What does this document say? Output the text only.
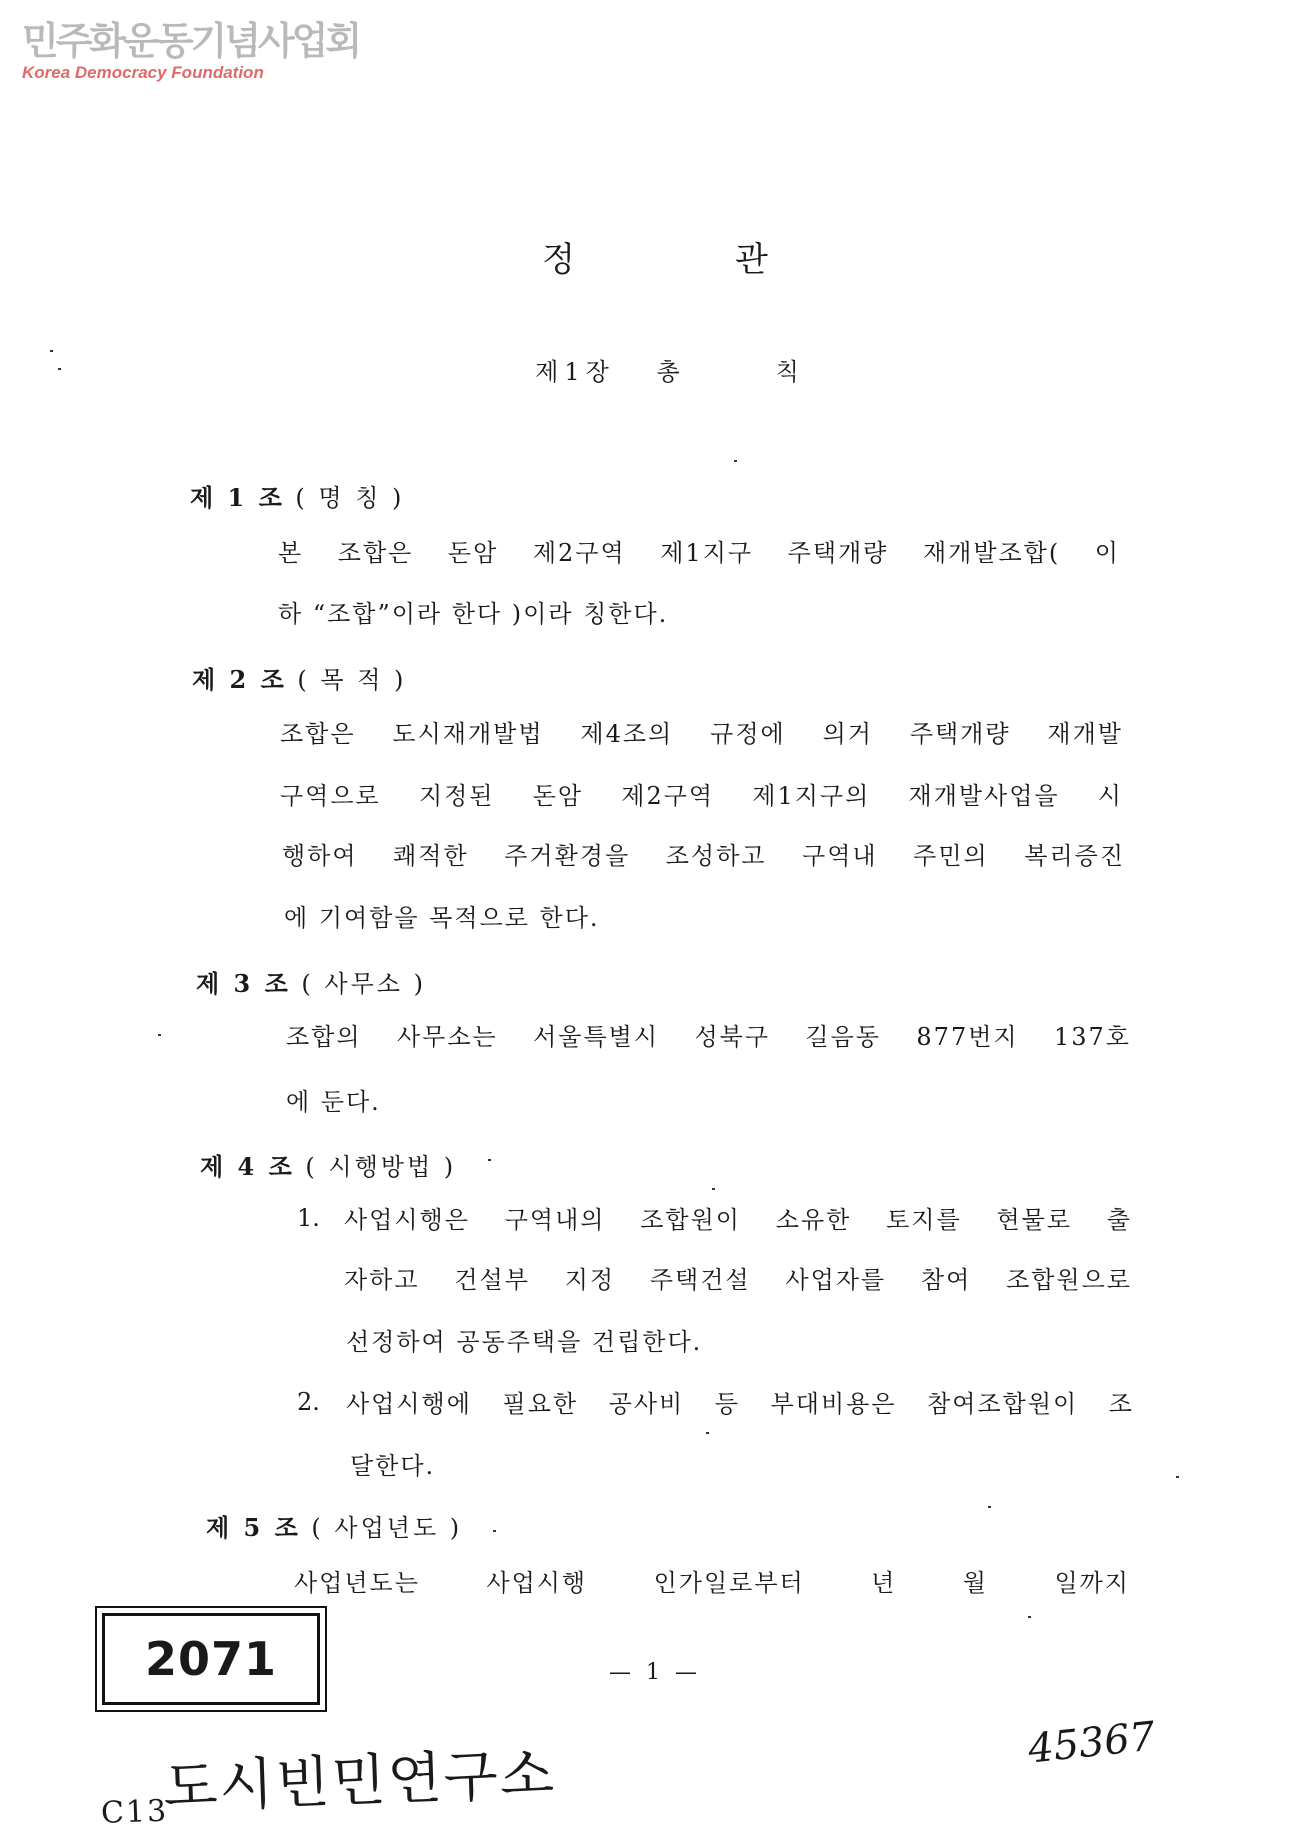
민주화운동기념사업회
Korea Democracy Foundation
정관
제1장 총	칙
제 1 조 ( 명 칭 )
본 조합은 돈암 제2구역 제1지구 주택개량 재개발조합( 이
하 “조합”이라 한다 )이라 칭한다.
제 2 조 ( 목 적 )
조합은 도시재개발법 제4조의 규정에 의거 주택개량 재개발
구역으로 지정된 돈암 제2구역 제1지구의 재개발사업을 시
행하여 쾌적한 주거환경을 조성하고 구역내 주민의 복리증진
에 기여함을 목적으로 한다.
제 3 조 ( 사무소 )
조합의 사무소는 서울특별시 성북구 길음동 877번지 137호
에 둔다.
제 4 조 ( 시행방법 )
1. 사업시행은 구역내의 조합원이 소유한 토지를 현물로 출
자하고 건설부 지정 주택건설 사업자를 참여 조합원으로
선정하여 공동주택을 건립한다.
2. 사업시행에 필요한 공사비 등 부대비용은 참여조합원이 조
달한다.
제 5 조 ( 사업년도 )
사업년도는 사업시행 인가일로부터 년 월 일까지
— 1 —
2071
$_{C13}$도시빈민연구소	45367
